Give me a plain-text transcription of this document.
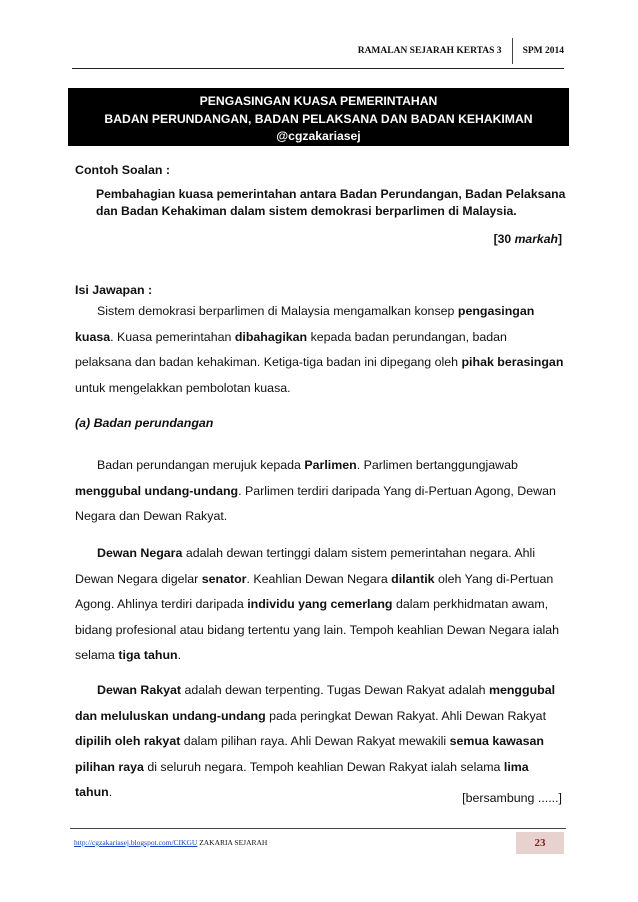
RAMALAN SEJARAH KERTAS 3	SPM 2014
PENGASINGAN KUASA PEMERINTAHAN
BADAN PERUNDANGAN, BADAN PELAKSANA DAN BADAN KEHAKIMAN
@cgzakariasej
Contoh Soalan :
Pembahagian kuasa pemerintahan antara Badan Perundangan, Badan Pelaksana dan Badan Kehakiman dalam sistem demokrasi berparlimen di Malaysia.
[30 markah]
Isi Jawapan :

Sistem demokrasi berparlimen di Malaysia mengamalkan konsep pengasingan kuasa. Kuasa pemerintahan dibahagikan kepada badan perundangan, badan pelaksana dan badan kehakiman. Ketiga-tiga badan ini dipegang oleh pihak berasingan untuk mengelakkan pembolotan kuasa.

(a) Badan perundangan

Badan perundangan merujuk kepada Parlimen. Parlimen bertanggungjawab menggubal undang-undang. Parlimen terdiri daripada Yang di-Pertuan Agong, Dewan Negara dan Dewan Rakyat.

Dewan Negara adalah dewan tertinggi dalam sistem pemerintahan negara. Ahli Dewan Negara digelar senator. Keahlian Dewan Negara dilantik oleh Yang di-Pertuan Agong. Ahlinya terdiri daripada individu yang cemerlang dalam perkhidmatan awam, bidang profesional atau bidang tertentu yang lain. Tempoh keahlian Dewan Negara ialah selama tiga tahun.

Dewan Rakyat adalah dewan terpenting. Tugas Dewan Rakyat adalah menggubal dan meluluskan undang-undang pada peringkat Dewan Rakyat. Ahli Dewan Rakyat dipilih oleh rakyat dalam pilihan raya. Ahli Dewan Rakyat mewakili semua kawasan pilihan raya di seluruh negara. Tempoh keahlian Dewan Rakyat ialah selama lima tahun.	[bersambung ......]
http://cgzakariasej.blogspot.com/CIKGU ZAKARIA SEJARAH	23
